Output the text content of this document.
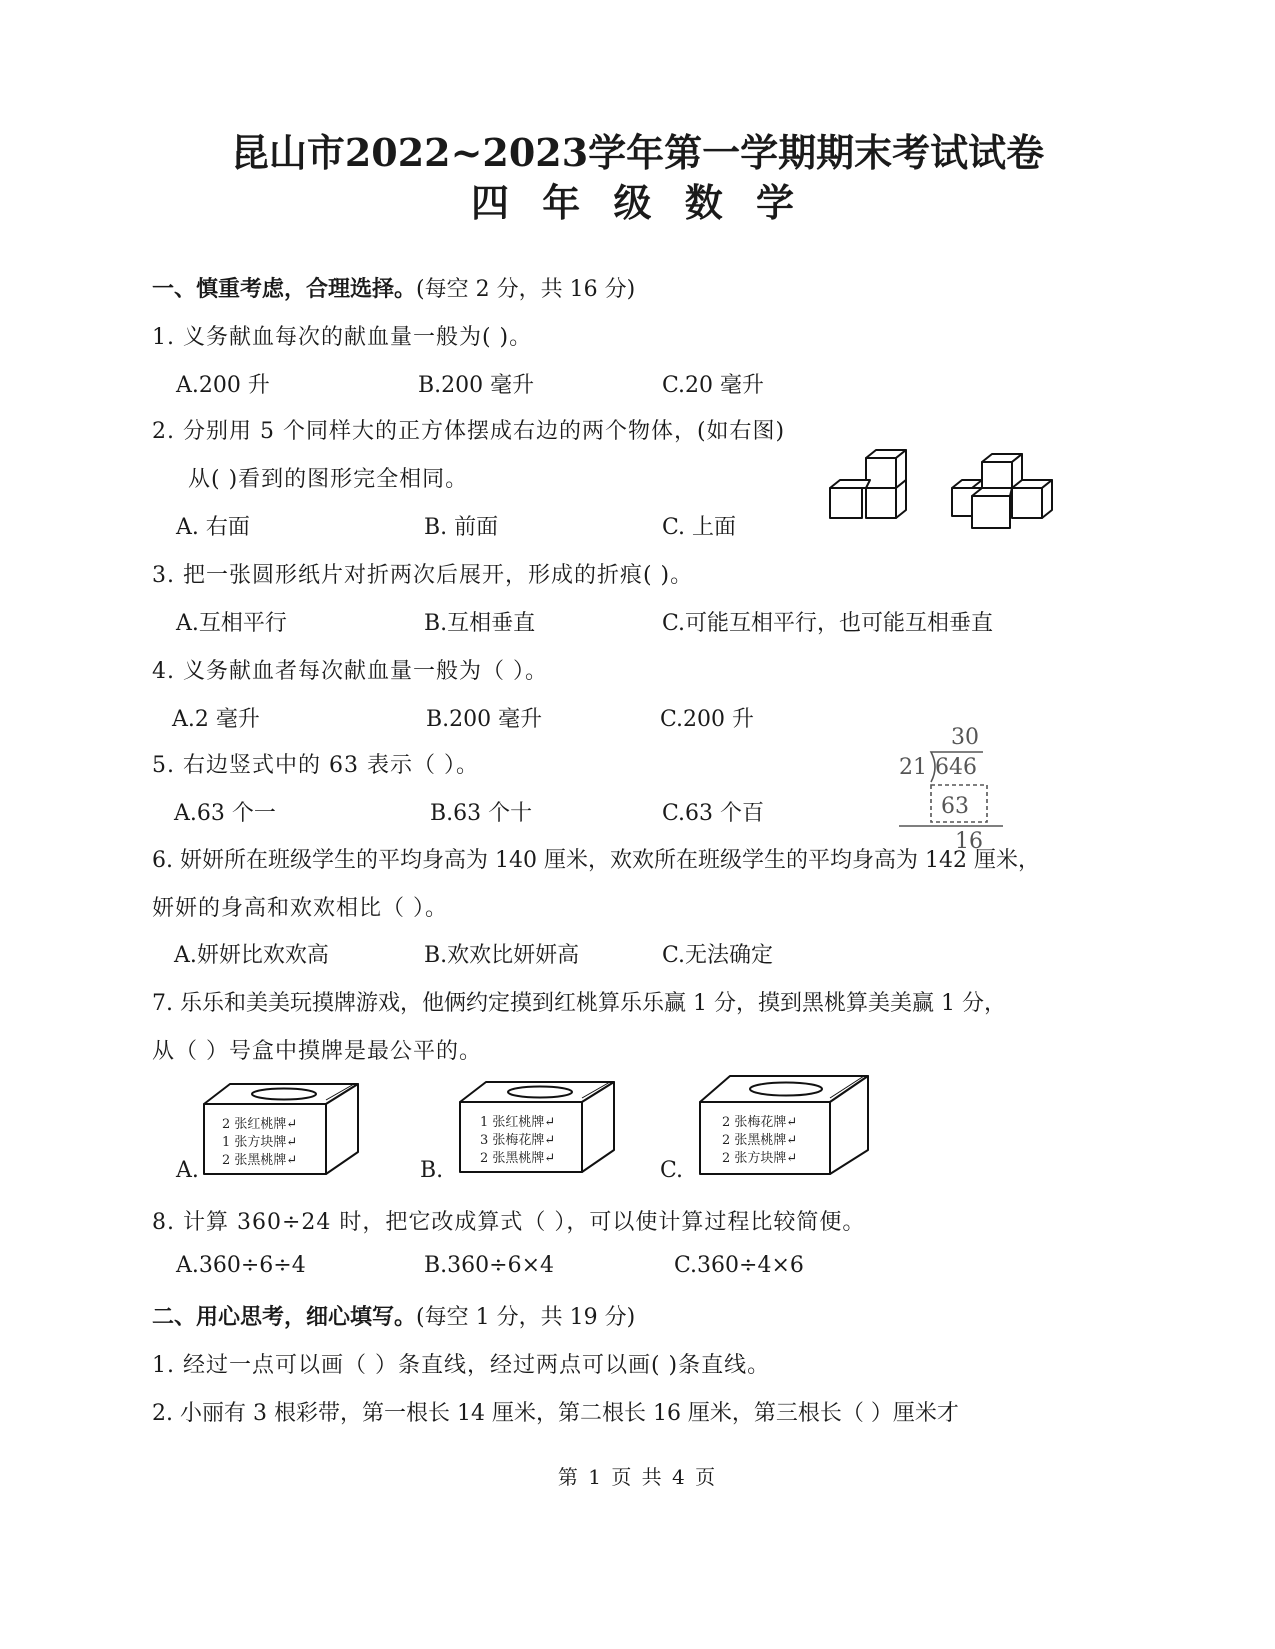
昆山市2022~2023学年第一学期期末考试试卷
四 年 级 数 学
一、慎重考虑，合理选择。(每空 2 分，共 16 分)
1. 义务献血每次的献血量一般为( )。
A.200 升	B.200 毫升	C.20 毫升
2. 分别用 5 个同样大的正方体摆成右边的两个物体，(如右图)
从( )看到的图形完全相同。
A. 右面	B. 前面	C. 上面
3. 把一张圆形纸片对折两次后展开，形成的折痕( )。
A.互相平行	B.互相垂直	C.可能互相平行，也可能互相垂直
4. 义务献血者每次献血量一般为（ ）。
A.2 毫升	B.200 毫升	C.200 升
5. 右边竖式中的 63 表示（ ）。
A.63 个一	B.63 个十	C.63 个百
30
21 646
63
16
6. 妍妍所在班级学生的平均身高为 140 厘米，欢欢所在班级学生的平均身高为 142 厘米，
妍妍的身高和欢欢相比（ ）。
A.妍妍比欢欢高	B.欢欢比妍妍高	C.无法确定
7. 乐乐和美美玩摸牌游戏，他俩约定摸到红桃算乐乐赢 1 分，摸到黑桃算美美赢 1 分，
从（ ）号盒中摸牌是最公平的。
A.
2 张红桃牌↵
1 张方块牌↵
2 张黑桃牌↵	B.
1 张红桃牌↵
3 张梅花牌↵
2 张黑桃牌↵	C.
2 张梅花牌↵
2 张黑桃牌↵
2 张方块牌↵
8. 计算 360÷24 时，把它改成算式（ ），可以使计算过程比较简便。
A.360÷6÷4	B.360÷6×4	C.360÷4×6
二、用心思考，细心填写。(每空 1 分，共 19 分)
1. 经过一点可以画（ ）条直线，经过两点可以画( )条直线。
2. 小丽有 3 根彩带，第一根长 14 厘米，第二根长 16 厘米，第三根长（ ）厘米才
第 1 页 共 4 页
